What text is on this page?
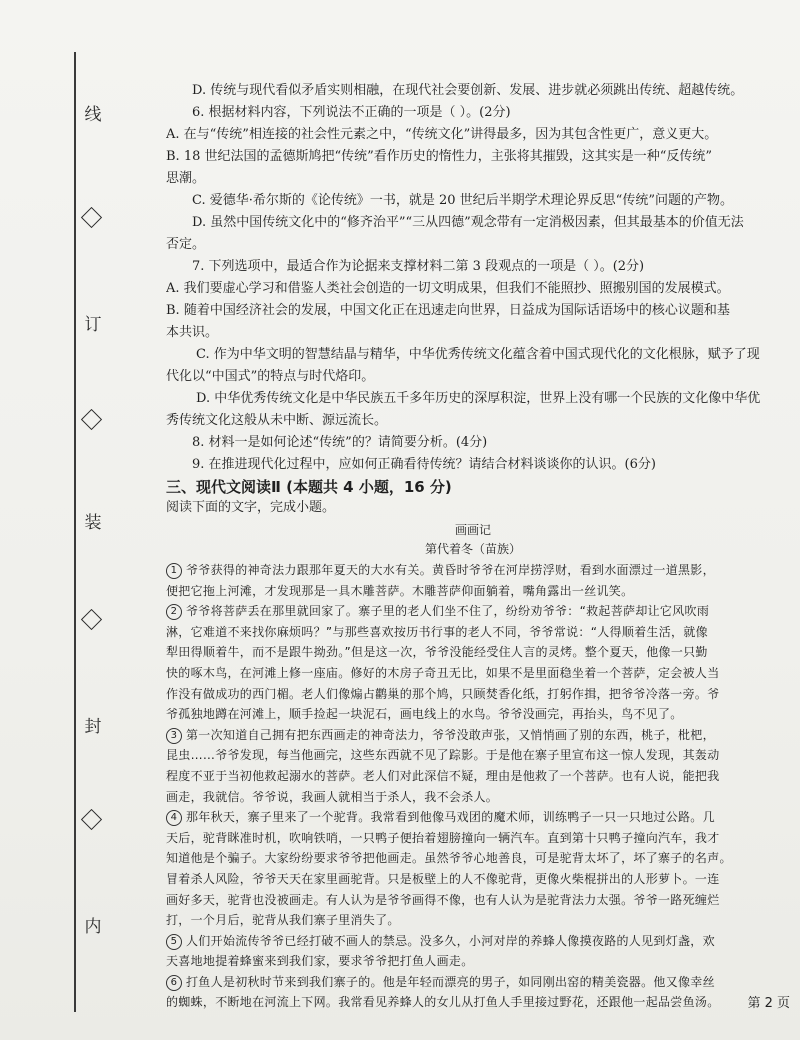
线
订
装
封
内

D. 传统与现代看似矛盾实则相融，在现代社会要创新、发展、进步就必须跳出传统、超越传统。

6. 根据材料内容，下列说法不正确的一项是（ ）。(2分)

A. 在与“传统”相连接的社会性元素之中，“传统文化”讲得最多，因为其包含性更广，意义更大。

B. 18 世纪法国的孟德斯鸠把“传统”看作历史的惰性力，主张将其摧毁，这其实是一种“反传统”

思潮。

C. 爱德华·希尔斯的《论传统》一书，就是 20 世纪后半期学术理论界反思“传统”问题的产物。

D. 虽然中国传统文化中的“修齐治平”“三从四德”观念带有一定消极因素，但其最基本的价值无法

否定。

7. 下列选项中，最适合作为论据来支撑材料二第 3 段观点的一项是（ ）。(2分)

A. 我们要虚心学习和借鉴人类社会创造的一切文明成果，但我们不能照抄、照搬别国的发展模式。

B. 随着中国经济社会的发展，中国文化正在迅速走向世界，日益成为国际话语场中的核心议题和基

本共识。

C. 作为中华文明的智慧结晶与精华，中华优秀传统文化蕴含着中国式现代化的文化根脉，赋予了现

代化以“中国式”的特点与时代烙印。

D. 中华优秀传统文化是中华民族五千多年历史的深厚积淀，世界上没有哪一个民族的文化像中华优

秀传统文化这般从未中断、源远流长。

8. 材料一是如何论述“传统”的？请简要分析。(4分)

9. 在推进现代化过程中，应如何正确看待传统？请结合材料谈谈你的认识。(6分)

三、现代文阅读Ⅱ (本题共 4 小题，16 分)

阅读下面的文字，完成小题。

画画记

第代着冬（苗族）

1 爷爷获得的神奇法力跟那年夏天的大水有关。黄昏时爷爷在河岸捞浮财，看到水面漂过一道黑影，

便把它拖上河滩，才发现那是一具木雕菩萨。木雕菩萨仰面躺着，嘴角露出一丝讥笑。

2 爷爷将菩萨丢在那里就回家了。寨子里的老人们坐不住了，纷纷劝爷爷：“救起菩萨却让它风吹雨

淋，它难道不来找你麻烦吗？”与那些喜欢按历书行事的老人不同，爷爷常说：“人得顺着生活，就像

犁田得顺着牛，而不是跟牛拗劲。”但是这一次，爷爷没能经受住人言的灵烤。整个夏天，他像一只勤

快的啄木鸟，在河滩上修一座庙。修好的木房子奇丑无比，如果不是里面稳坐着一个菩萨，定会被人当

作没有做成功的西门楣。老人们像煽占鹳巢的那个鸠，只顾焚香化纸，打躬作揖，把爷爷冷落一旁。爷

爷孤独地蹲在河滩上，顺手捡起一块泥石，画电线上的水鸟。爷爷没画完，再抬头，鸟不见了。

3 第一次知道自己拥有把东西画走的神奇法力，爷爷没敢声张，又悄悄画了别的东西，桃子，枇杷，

昆虫……爷爷发现，每当他画完，这些东西就不见了踪影。于是他在寨子里宣布这一惊人发现，其轰动

程度不亚于当初他救起溺水的菩萨。老人们对此深信不疑，理由是他救了一个菩萨。也有人说，能把我

画走，我就信。爷爷说，我画人就相当于杀人，我不会杀人。

4 那年秋天，寨子里来了一个驼背。我常看到他像马戏团的魔术师，训练鸭子一只一只地过公路。几

天后，驼背眯准时机，吹响铁哨，一只鸭子便抬着翅膀撞向一辆汽车。直到第十只鸭子撞向汽车，我才

知道他是个骗子。大家纷纷要求爷爷把他画走。虽然爷爷心地善良，可是驼背太坏了，坏了寨子的名声。

冒着杀人风险，爷爷天天在家里画驼背。只是板壁上的人不像驼背，更像火柴棍拼出的人形萝卜。一连

画好多天，驼背也没被画走。有人认为是爷爷画得不像，也有人认为是驼背法力太强。爷爷一路死缠烂

打，一个月后，驼背从我们寨子里消失了。

5 人们开始流传爷爷已经打破不画人的禁忌。没多久，小河对岸的养蜂人像摸夜路的人见到灯盏，欢

天喜地地提着蜂蜜来到我们家，要求爷爷把打鱼人画走。

6 打鱼人是初秋时节来到我们寨子的。他是年轻而漂亮的男子，如同刚出窑的精美瓷器。他又像幸丝

的蜘蛛，不断地在河流上下网。我常看见养蜂人的女儿从打鱼人手里接过野花，还跟他一起品尝鱼汤。	第 2 页
